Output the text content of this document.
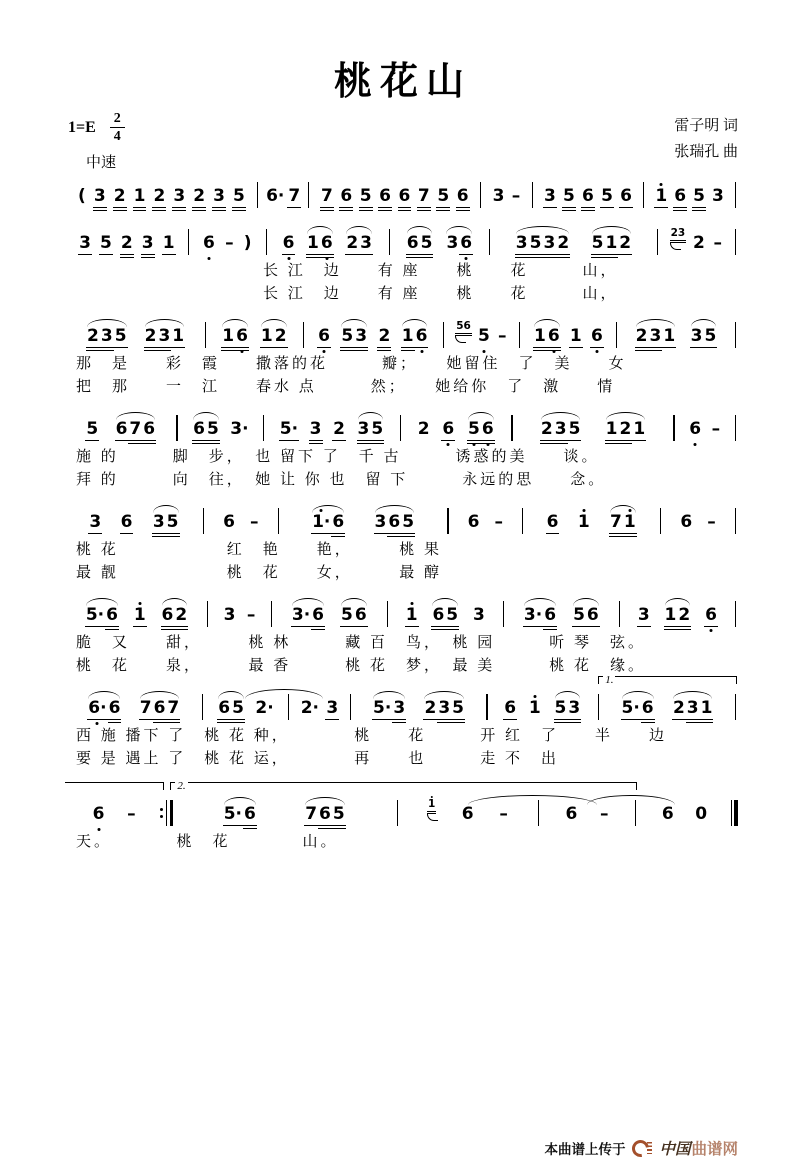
桃花山
$1=E \frac{2}{4}$
中速
雷子明 词
张瑞孔 曲
( 3 2 1 2 3 2 3 5 6· 7 7 6 5 6 6 7 5 6 3 – 3 5 6 5 6 1 6 5 3
3 5 2 3 1 6 – ) 6 1 6 2 3 6 5 3 6	3 5 3 2 5 1 2	23 2 –
长 江　边　　有 座　　桃　　花　　　山，
长 江　边　　有 座　　桃　　花　　　山，
2 3 5 2 3 1 1 6 1 2 6 5 3 2 1 6	56 5 – 1 6 1 6 2 3 1 3 5
那　是　　彩　霞　　撒落的花　　　瓣；　　她留住　了　美　　女
把　那　　一　江　　春水 点　　　然；　　她给你　了　激　　情
5 6 7 6 6 5 3· 5· 3 2 3 5 2 6 5 6	2 3 5 1 2 1	6 –
施 的　　　脚　步，　也 留下 了　千 古　　　诱惑的美　　谈。
拜 的　　　向　往，　她 让 你 也　留 下　　　永远的思　　念。
3 6 3 5	6 –	1· 6 3 6 5	6 –	6 1 7 1	6 –
桃 花　　　　　　红　艳　　艳，　　　桃 果
最 靓　　　　　　桃　花　　女，　　　最 醇
5· 6 1 6 2 3 – 3· 6 5 6 1 6 5 3 3· 6 5 6 3 1 2 6
脆　又　　甜，　　　桃 林　　　藏 百　鸟，　桃 园　　　听 琴　弦。
桃　花　　泉，　　　最 香　　　桃 花　梦，　最 美　　　桃 花　缘。
6· 6 7 6 7 6 5 2· 2· 3 5· 3 2 3 5 6 1 5 3 5· 6 2 3 1
1.
西 施 播下 了　桃 花 种，　　　　桃　　花　　　开 红　了　　半　　边
要 是 遇上 了　桃 花 运，　　　　再　　也　　　走 不　出
6 –	5· 6	7 6 5
2.
1 6 –	6 –	6 0
天。　　　　桃　花　　　　山。
本曲谱上传于 中国 曲谱网
